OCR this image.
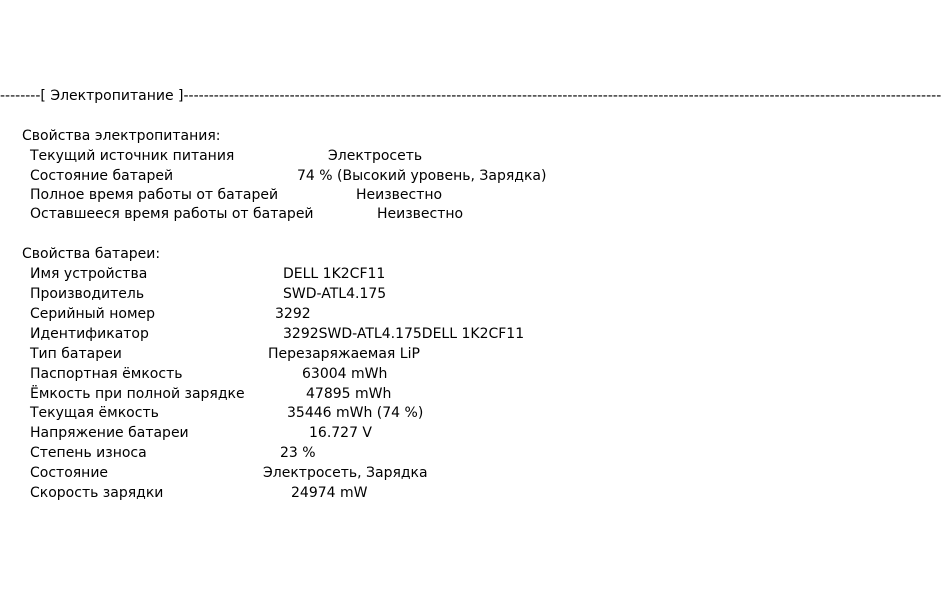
--------[ Электропитание ]------------------------------------------------------------------------------------------------------------------------------------------------------
Свойства электропитания:
Текущий источник питания	Электросеть
Состояние батарей	74 % (Высокий уровень, Зарядка)
Полное время работы от батарей	Неизвестно
Оставшееся время работы от батарей	Неизвестно
Свойства батареи:
Имя устройства	DELL 1K2CF11
Производитель	SWD-ATL4.175
Серийный номер	3292
Идентификатор	3292SWD-ATL4.175DELL 1K2CF11
Тип батареи	Перезаряжаемая LiP
Паспортная ёмкость	63004 mWh
Ёмкость при полной зарядке	47895 mWh
Текущая ёмкость	35446 mWh (74 %)
Напряжение батареи	16.727 V
Степень износа	23 %
Состояние	Электросеть, Зарядка
Скорость зарядки	24974 mW
